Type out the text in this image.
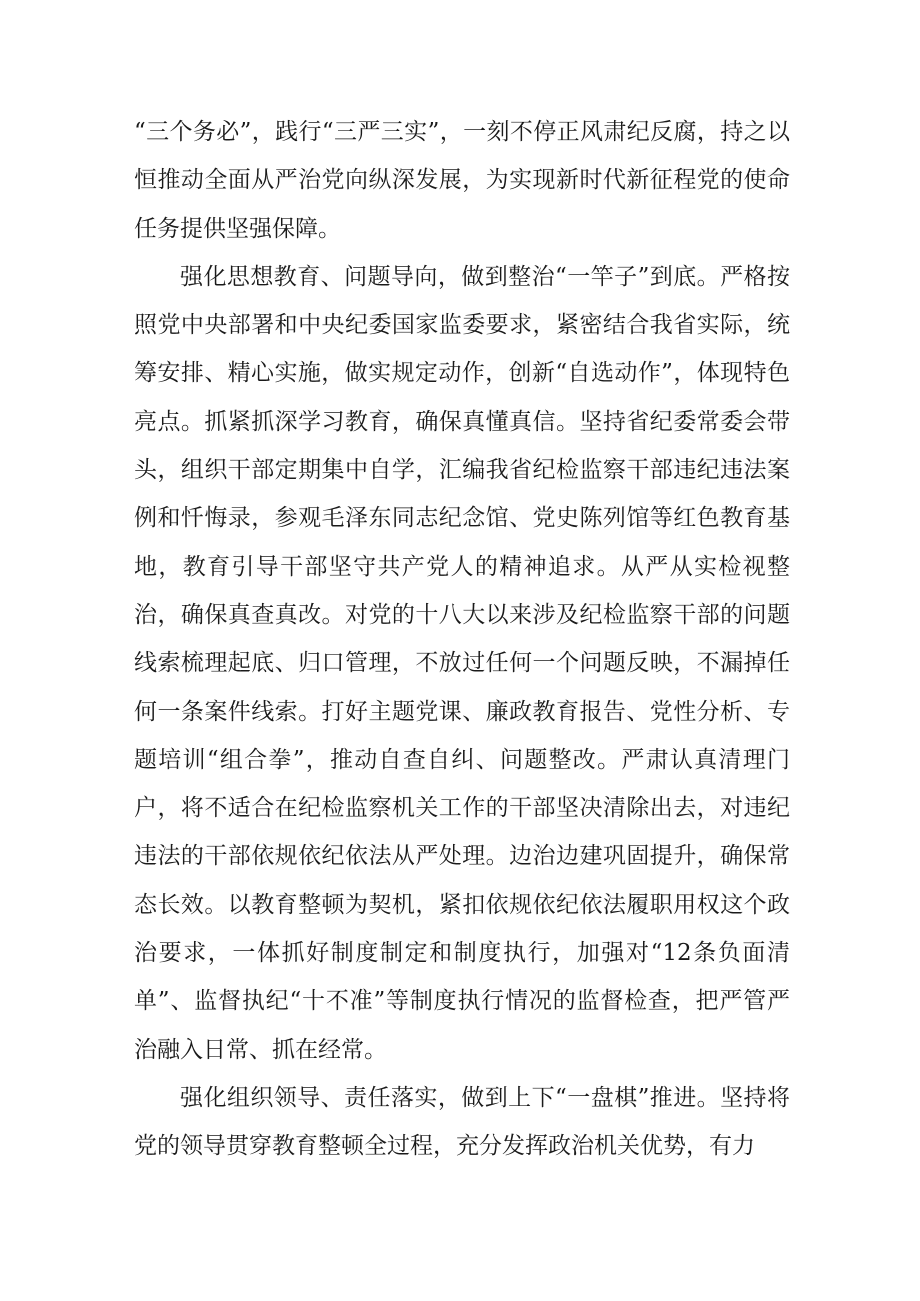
“三个务必”，践行“三严三实”，一刻不停正风肃纪反腐，持之以恒推动全面从严治党向纵深发展，为实现新时代新征程党的使命任务提供坚强保障。

强化思想教育、问题导向，做到整治“一竿子”到底。严格按照党中央部署和中央纪委国家监委要求，紧密结合我省实际，统筹安排、精心实施，做实规定动作，创新“自选动作”，体现特色亮点。抓紧抓深学习教育，确保真懂真信。坚持省纪委常委会带头，组织干部定期集中自学，汇编我省纪检监察干部违纪违法案例和忏悔录，参观毛泽东同志纪念馆、党史陈列馆等红色教育基地，教育引导干部坚守共产党人的精神追求。从严从实检视整治，确保真查真改。对党的十八大以来涉及纪检监察干部的问题线索梳理起底、归口管理，不放过任何一个问题反映，不漏掉任何一条案件线索。打好主题党课、廉政教育报告、党性分析、专题培训“组合拳”，推动自查自纠、问题整改。严肃认真清理门户，将不适合在纪检监察机关工作的干部坚决清除出去，对违纪违法的干部依规依纪依法从严处理。边治边建巩固提升，确保常态长效。以教育整顿为契机，紧扣依规依纪依法履职用权这个政治要求，一体抓好制度制定和制度执行，加强对“12条负面清单”、监督执纪“十不准”等制度执行情况的监督检查，把严管严治融入日常、抓在经常。

强化组织领导、责任落实，做到上下“一盘棋”推进。坚持将党的领导贯穿教育整顿全过程，充分发挥政治机关优势，有力
